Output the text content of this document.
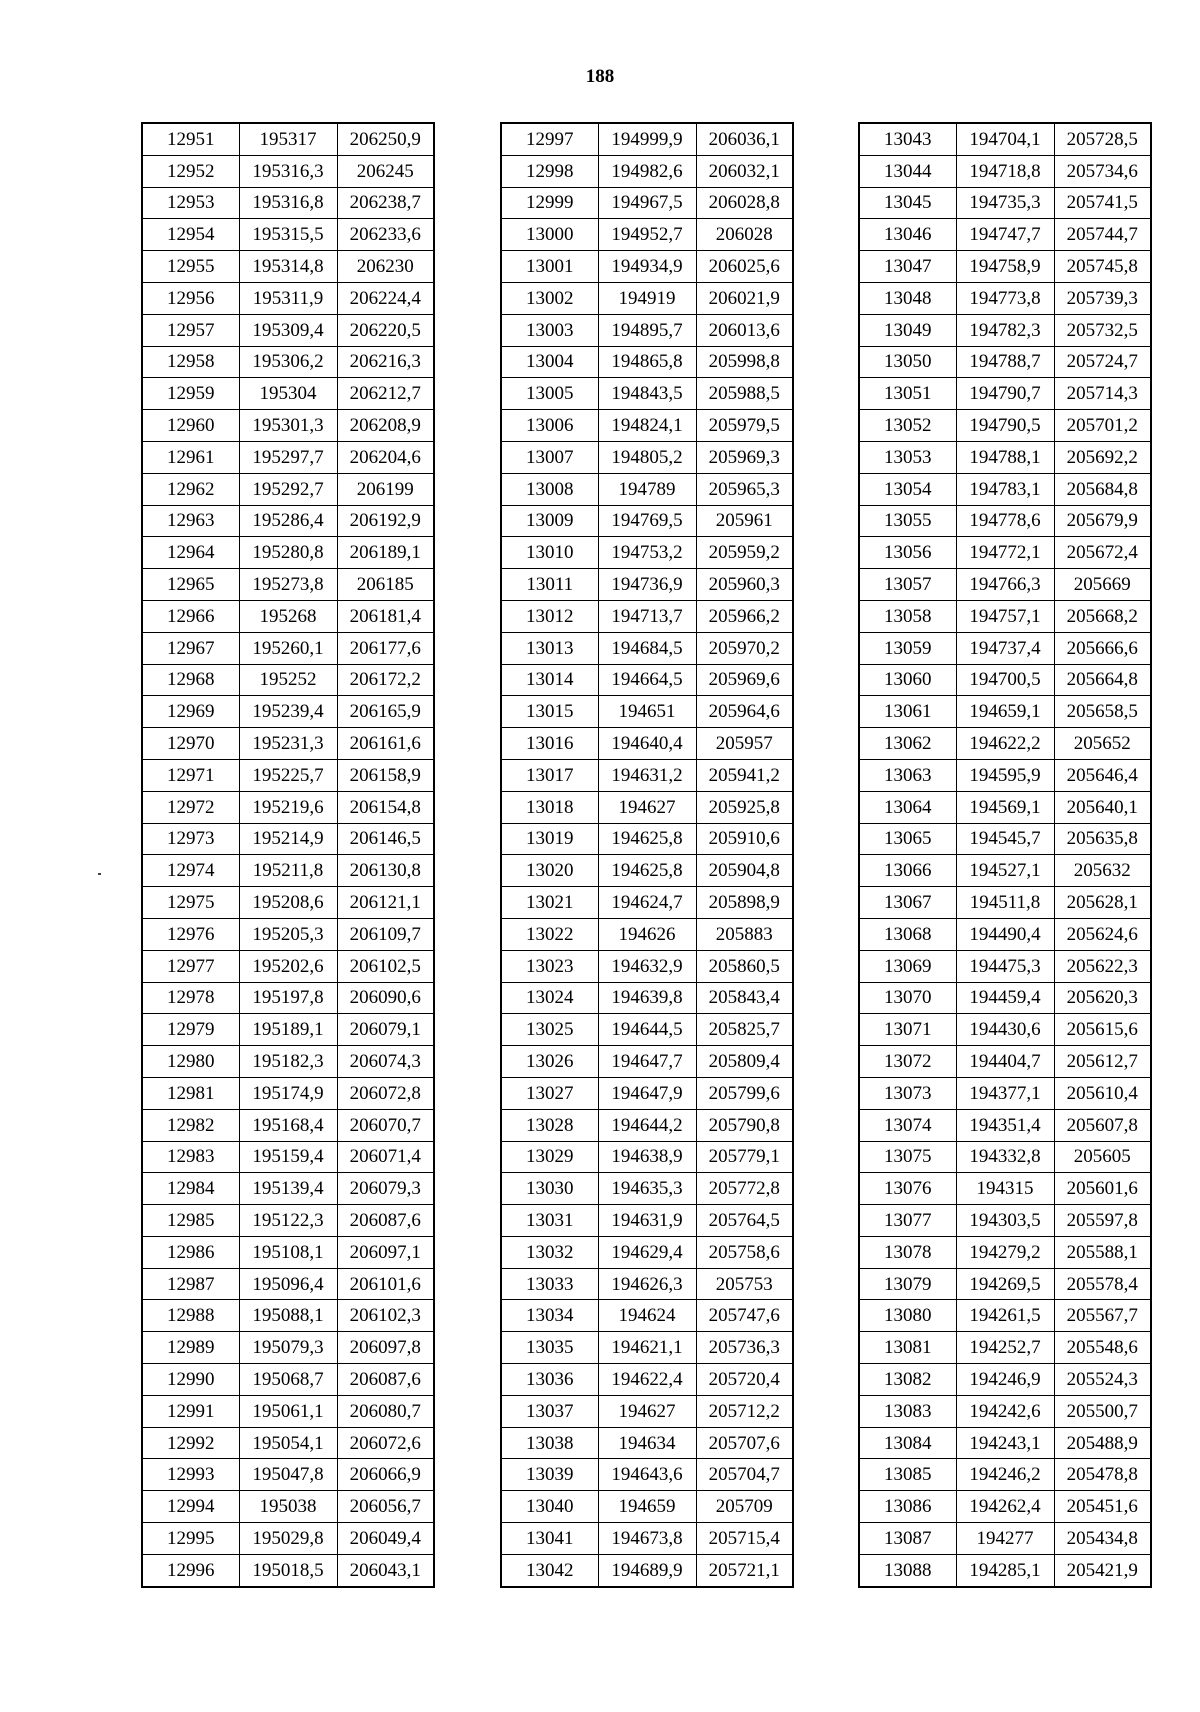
188
12951	195317	206250,9
12952	195316,3	206245
12953	195316,8	206238,7
12954	195315,5	206233,6
12955	195314,8	206230
12956	195311,9	206224,4
12957	195309,4	206220,5
12958	195306,2	206216,3
12959	195304	206212,7
12960	195301,3	206208,9
12961	195297,7	206204,6
12962	195292,7	206199
12963	195286,4	206192,9
12964	195280,8	206189,1
12965	195273,8	206185
12966	195268	206181,4
12967	195260,1	206177,6
12968	195252	206172,2
12969	195239,4	206165,9
12970	195231,3	206161,6
12971	195225,7	206158,9
12972	195219,6	206154,8
12973	195214,9	206146,5
12974	195211,8	206130,8
12975	195208,6	206121,1
12976	195205,3	206109,7
12977	195202,6	206102,5
12978	195197,8	206090,6
12979	195189,1	206079,1
12980	195182,3	206074,3
12981	195174,9	206072,8
12982	195168,4	206070,7
12983	195159,4	206071,4
12984	195139,4	206079,3
12985	195122,3	206087,6
12986	195108,1	206097,1
12987	195096,4	206101,6
12988	195088,1	206102,3
12989	195079,3	206097,8
12990	195068,7	206087,6
12991	195061,1	206080,7
12992	195054,1	206072,6
12993	195047,8	206066,9
12994	195038	206056,7
12995	195029,8	206049,4
12996	195018,5	206043,1
12997	194999,9	206036,1
12998	194982,6	206032,1
12999	194967,5	206028,8
13000	194952,7	206028
13001	194934,9	206025,6
13002	194919	206021,9
13003	194895,7	206013,6
13004	194865,8	205998,8
13005	194843,5	205988,5
13006	194824,1	205979,5
13007	194805,2	205969,3
13008	194789	205965,3
13009	194769,5	205961
13010	194753,2	205959,2
13011	194736,9	205960,3
13012	194713,7	205966,2
13013	194684,5	205970,2
13014	194664,5	205969,6
13015	194651	205964,6
13016	194640,4	205957
13017	194631,2	205941,2
13018	194627	205925,8
13019	194625,8	205910,6
13020	194625,8	205904,8
13021	194624,7	205898,9
13022	194626	205883
13023	194632,9	205860,5
13024	194639,8	205843,4
13025	194644,5	205825,7
13026	194647,7	205809,4
13027	194647,9	205799,6
13028	194644,2	205790,8
13029	194638,9	205779,1
13030	194635,3	205772,8
13031	194631,9	205764,5
13032	194629,4	205758,6
13033	194626,3	205753
13034	194624	205747,6
13035	194621,1	205736,3
13036	194622,4	205720,4
13037	194627	205712,2
13038	194634	205707,6
13039	194643,6	205704,7
13040	194659	205709
13041	194673,8	205715,4
13042	194689,9	205721,1
13043	194704,1	205728,5
13044	194718,8	205734,6
13045	194735,3	205741,5
13046	194747,7	205744,7
13047	194758,9	205745,8
13048	194773,8	205739,3
13049	194782,3	205732,5
13050	194788,7	205724,7
13051	194790,7	205714,3
13052	194790,5	205701,2
13053	194788,1	205692,2
13054	194783,1	205684,8
13055	194778,6	205679,9
13056	194772,1	205672,4
13057	194766,3	205669
13058	194757,1	205668,2
13059	194737,4	205666,6
13060	194700,5	205664,8
13061	194659,1	205658,5
13062	194622,2	205652
13063	194595,9	205646,4
13064	194569,1	205640,1
13065	194545,7	205635,8
13066	194527,1	205632
13067	194511,8	205628,1
13068	194490,4	205624,6
13069	194475,3	205622,3
13070	194459,4	205620,3
13071	194430,6	205615,6
13072	194404,7	205612,7
13073	194377,1	205610,4
13074	194351,4	205607,8
13075	194332,8	205605
13076	194315	205601,6
13077	194303,5	205597,8
13078	194279,2	205588,1
13079	194269,5	205578,4
13080	194261,5	205567,7
13081	194252,7	205548,6
13082	194246,9	205524,3
13083	194242,6	205500,7
13084	194243,1	205488,9
13085	194246,2	205478,8
13086	194262,4	205451,6
13087	194277	205434,8
13088	194285,1	205421,9
